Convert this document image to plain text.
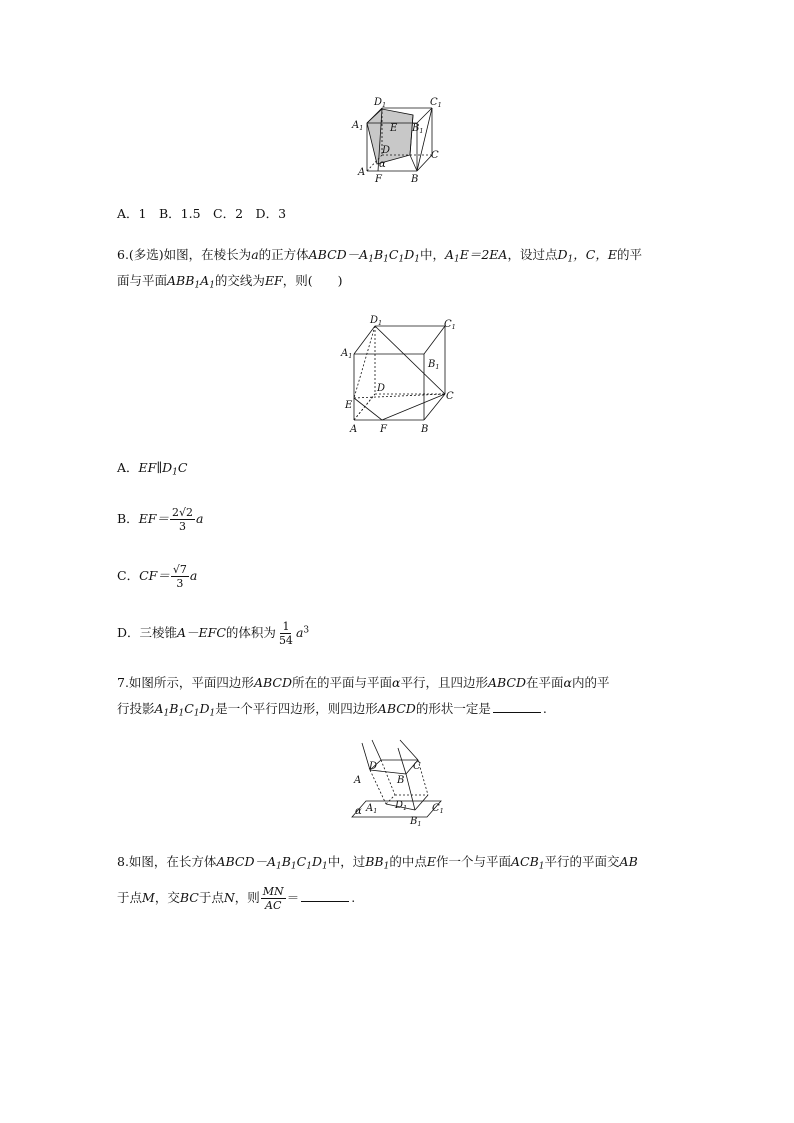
$D_1$	$C_1$
$A_1$	E $B_1$
D	C
α
A
F	B
A．1　B．1.5　C．2　D．3
6.(多选)如图，在棱长为a的正方体$ABCD-A_1B_1C_1D_1$中，$A_1E=2EA$，设过点$D_1$，C，E的平
面与平面$ABB_1A_1$的交线为EF，则(　　)
$D_1$	$C_1$
$A_1$
$B_1$
D
C
E
A F	B
A．$EF\parallel D_1C$
B．$EF= \frac{2√2}{3}$ a
C．$CF= \frac{√7}{3}$ a
D．三棱锥A－EFC的体积为 $\frac{1}{54} a^3$
7.如图所示，平面四边形ABCD所在的平面与平面α平行，且四边形ABCD在平面α内的平
行投影$A_1B_1C_1D_1$是一个平行四边形，则四边形ABCD的形状一定是	.
D	C
A	B
α $A_1$ $D_1$ $C_1$
$B_1$
8.如图，在长方体$ABCD-A_1B_1C_1D_1$中，过$BB_1$的中点E作一个与平面$ACB_1$平行的平面交AB
于点M，交BC于点N，则 $\frac{MN}{AC}$ ＝	.
